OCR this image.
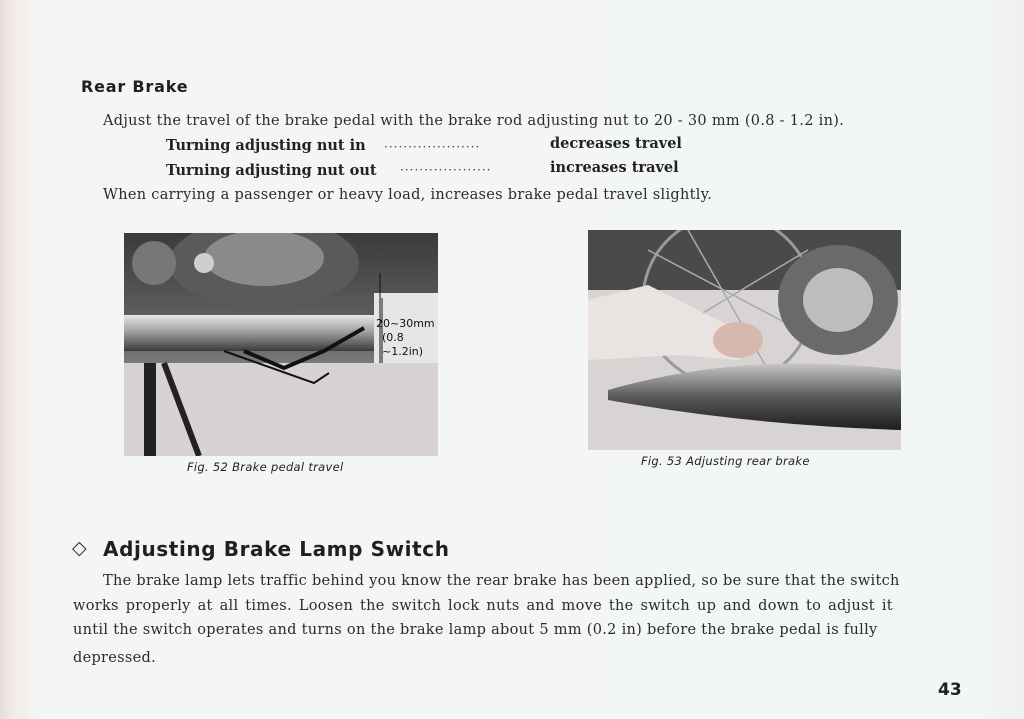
Rear Brake
Adjust the travel of the brake pedal with the brake rod adjusting nut to 20 - 30 mm (0.8 - 1.2 in).
Turning adjusting nut in ····················	decreases travel
Turning adjusting nut out ···················	increases travel
When carrying a passenger or heavy load, increases brake pedal travel slightly.
20~30mm
(0.8
~1.2in)
Fig. 52 Brake pedal travel	Fig. 53 Adjusting rear brake
◇ Adjusting Brake Lamp Switch
The brake lamp lets traffic behind you know the rear brake has been applied, so be sure that the switch
works properly at all times. Loosen the switch lock nuts and move the switch up and down to adjust it
until the switch operates and turns on the brake lamp about 5 mm (0.2 in) before the brake pedal is fully
depressed.
43
